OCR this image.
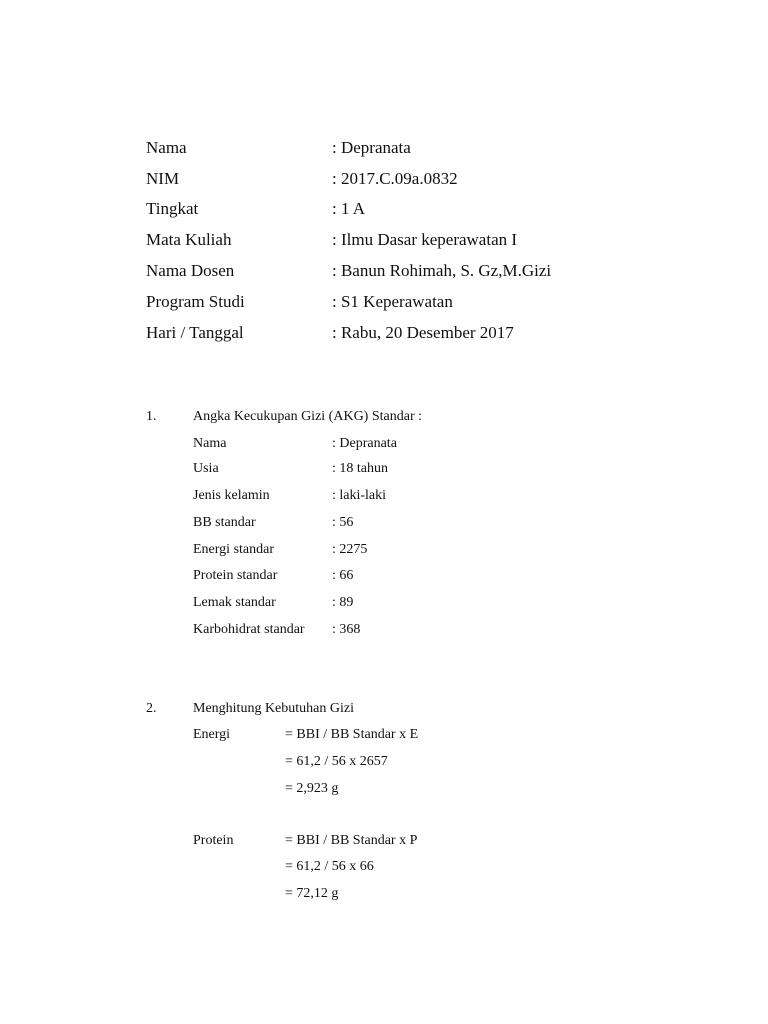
Nama	: Depranata
NIM	: 2017.C.09a.0832
Tingkat	: 1 A
Mata Kuliah	: Ilmu Dasar keperawatan I
Nama Dosen	: Banun Rohimah, S. Gz,M.Gizi
Program Studi	: S1 Keperawatan
Hari / Tanggal	: Rabu, 20 Desember 2017
1.	Angka Kecukupan Gizi (AKG) Standar :
Nama	: Depranata
Usia	: 18 tahun
Jenis kelamin	: laki-laki
BB standar	: 56
Energi standar	: 2275
Protein standar	: 66
Lemak standar	: 89
Karbohidrat standar : 368
2.	Menghitung Kebutuhan Gizi
Energi	= BBI / BB Standar x E
= 61,2 / 56 x 2657
= 2,923 g
Protein	= BBI / BB Standar x P
= 61,2 / 56 x 66
= 72,12 g
